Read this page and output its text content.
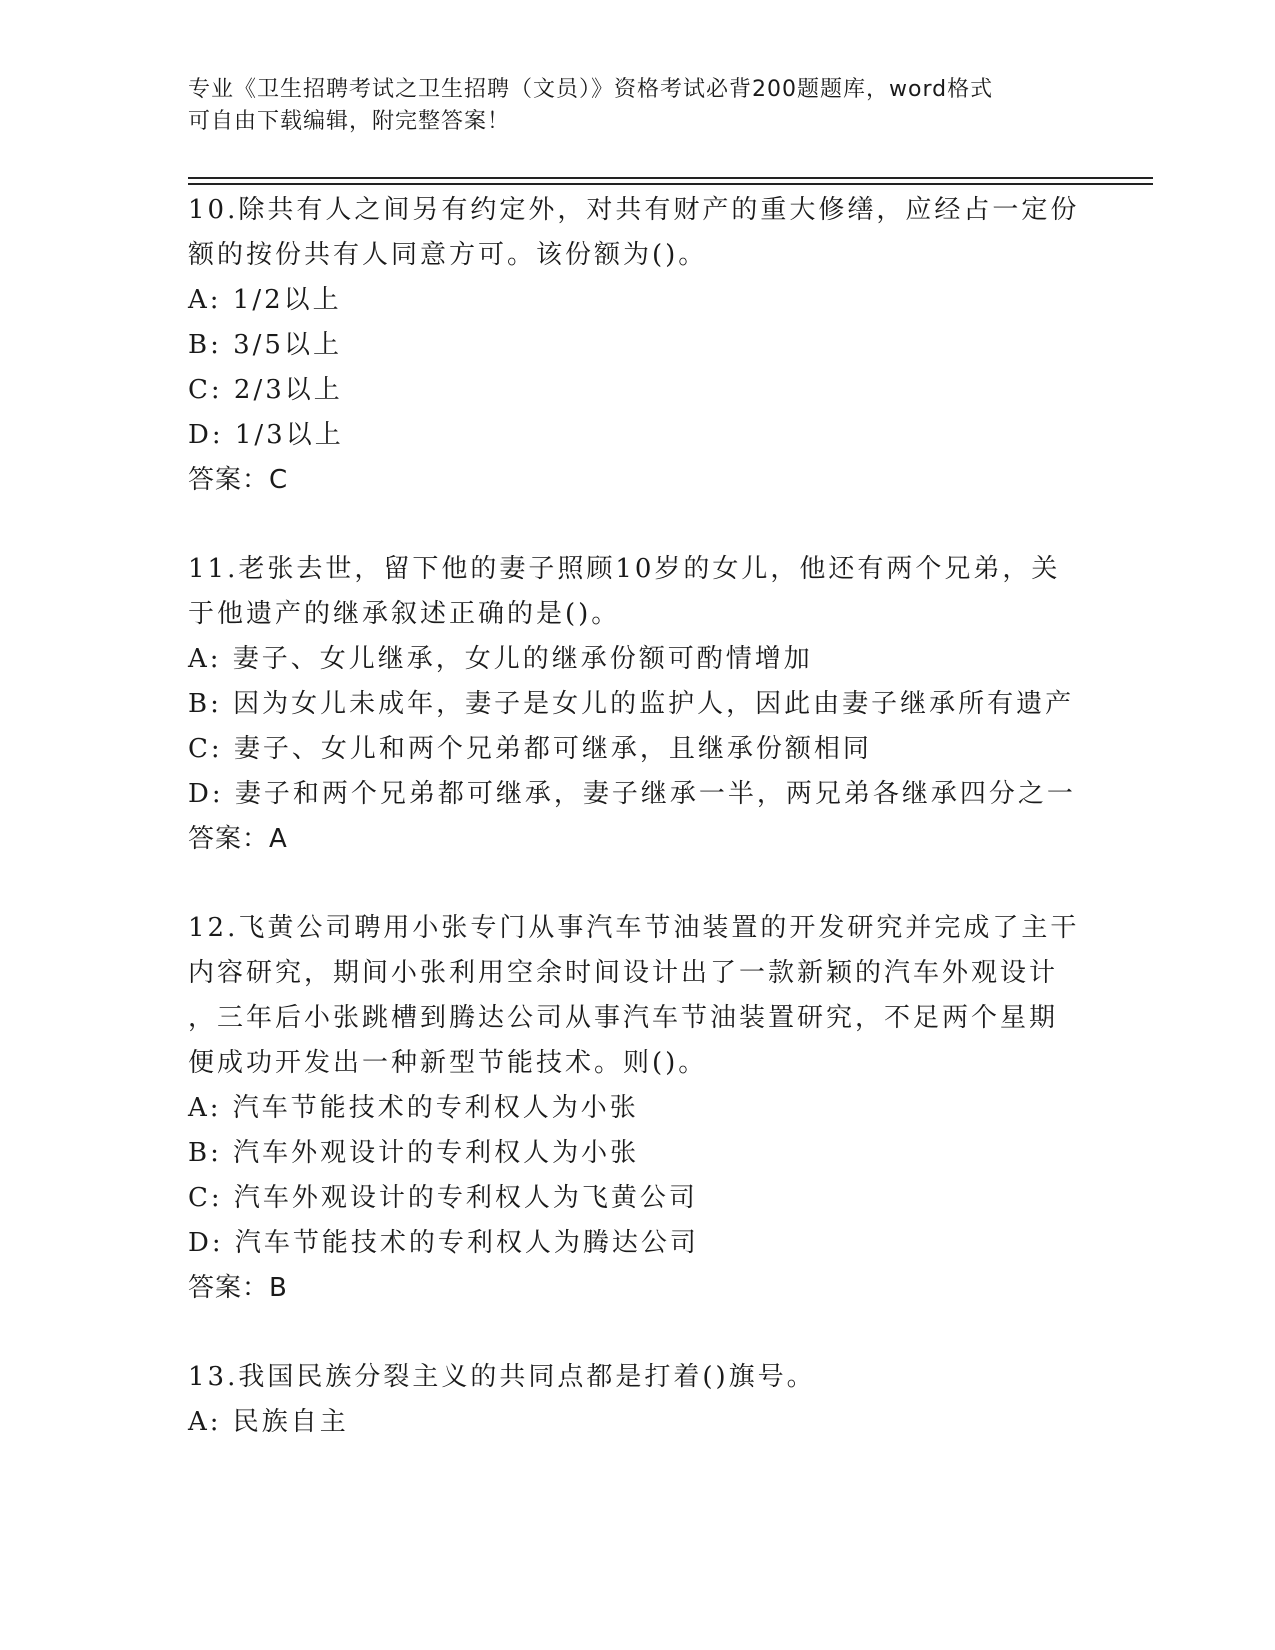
专业《卫生招聘考试之卫生招聘（文员）》资格考试必背200题题库，word格式
可自由下载编辑，附完整答案！

10.除共有人之间另有约定外，对共有财产的重大修缮，应经占一定份

额的按份共有人同意方可。该份额为()。

A: 1/2以上

B: 3/5以上

C: 2/3以上

D: 1/3以上

答案：C

11.老张去世，留下他的妻子照顾10岁的女儿，他还有两个兄弟，关

于他遗产的继承叙述正确的是()。

A: 妻子、女儿继承，女儿的继承份额可酌情增加

B: 因为女儿未成年，妻子是女儿的监护人，因此由妻子继承所有遗产

C: 妻子、女儿和两个兄弟都可继承，且继承份额相同

D: 妻子和两个兄弟都可继承，妻子继承一半，两兄弟各继承四分之一

答案：A

12.飞黄公司聘用小张专门从事汽车节油装置的开发研究并完成了主干

内容研究，期间小张利用空余时间设计出了一款新颖的汽车外观设计

，三年后小张跳槽到腾达公司从事汽车节油装置研究，不足两个星期

便成功开发出一种新型节能技术。则()。

A: 汽车节能技术的专利权人为小张

B: 汽车外观设计的专利权人为小张

C: 汽车外观设计的专利权人为飞黄公司

D: 汽车节能技术的专利权人为腾达公司

答案：B

13.我国民族分裂主义的共同点都是打着()旗号。

A: 民族自主
